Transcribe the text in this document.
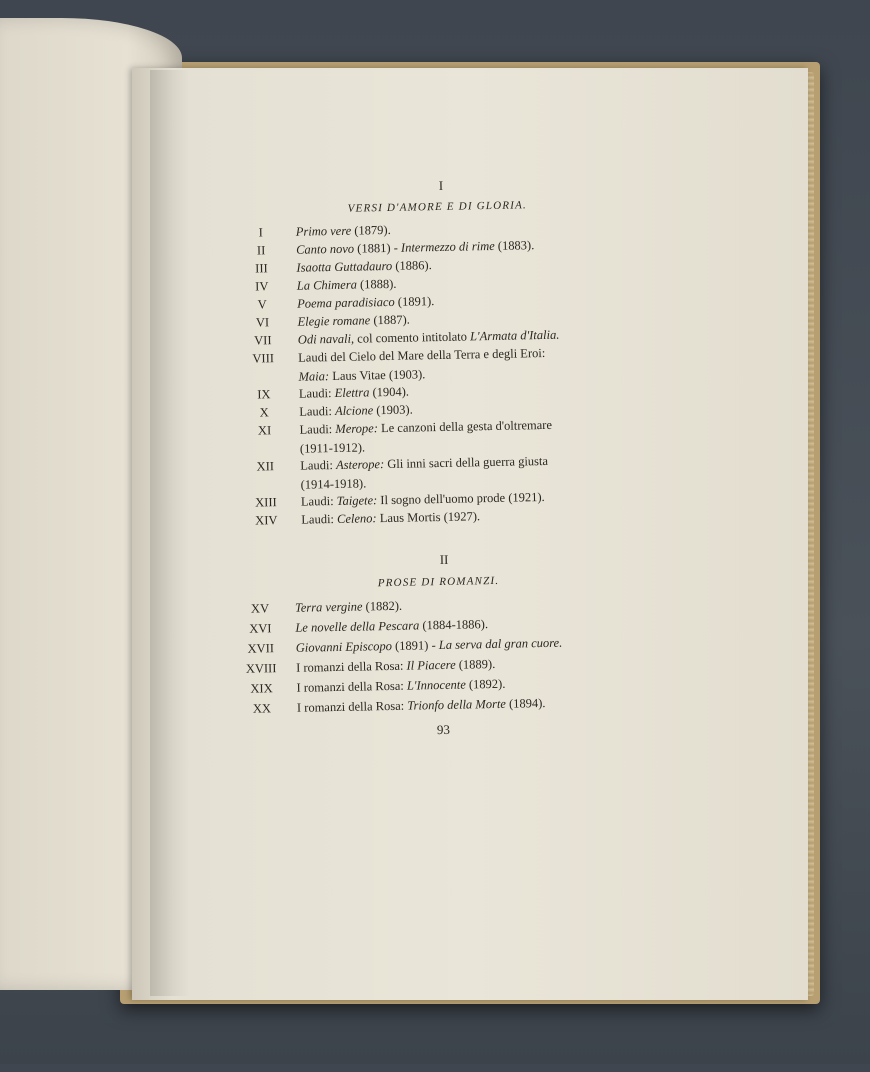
I
VERSI D'AMORE E DI GLORIA.
II
PROSE DI ROMANZI.
93
I	Primo vere (1879).
II	Canto novo (1881) - Intermezzo di rime (1883).
III	Isaotta Guttadauro (1886).
IV	La Chimera (1888).
V	Poema paradisiaco (1891).
VI	Elegie romane (1887).
VII	Odi navali, col comento intitolato L'Armata d'Italia.
VIII	Laudi del Cielo del Mare della Terra e degli Eroi:
Maia: Laus Vitae (1903).
IX	Laudi: Elettra (1904).
X	Laudi: Alcione (1903).
XI	Laudi: Merope: Le canzoni della gesta d'oltremare
(1911-1912).
XII	Laudi: Asterope: Gli inni sacri della guerra giusta
(1914-1918).
XIII	Laudi: Taigete: Il sogno dell'uomo prode (1921).
XIV	Laudi: Celeno: Laus Mortis (1927).
XV	Terra vergine (1882).
XVI	Le novelle della Pescara (1884-1886).
XVII	Giovanni Episcopo (1891) - La serva dal gran cuore.
XVIII	I romanzi della Rosa: Il Piacere (1889).
XIX	I romanzi della Rosa: L'Innocente (1892).
XX	I romanzi della Rosa: Trionfo della Morte (1894).
